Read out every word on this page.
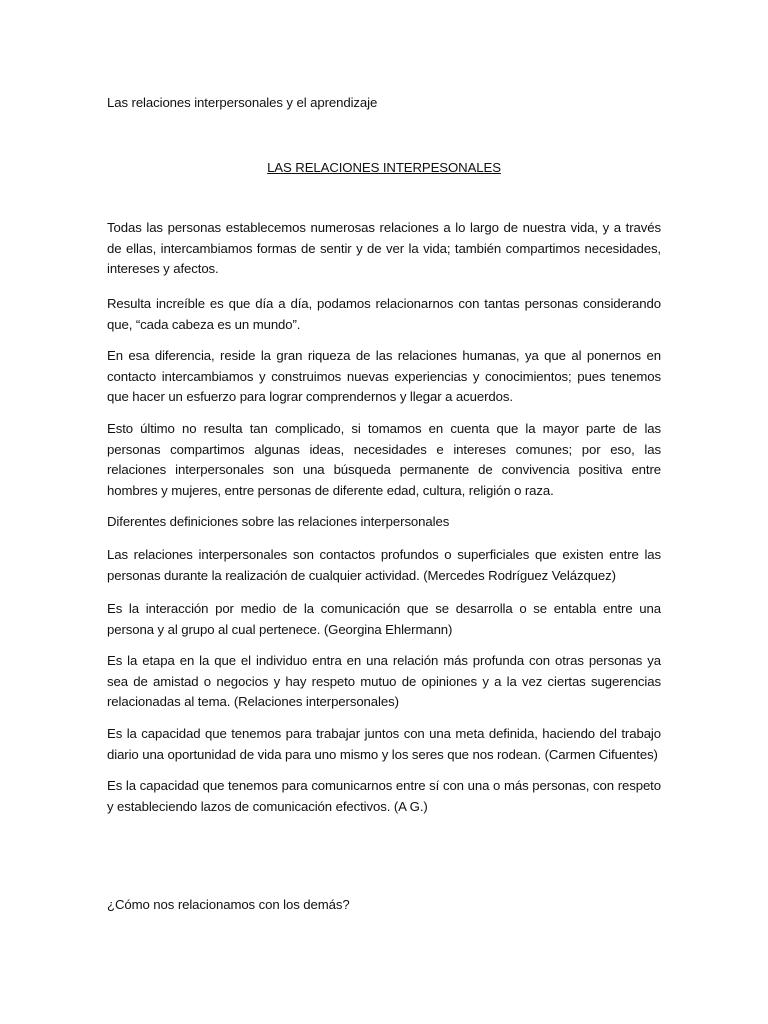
Las relaciones interpersonales y el aprendizaje

LAS RELACIONES INTERPESONALES

Todas las personas establecemos numerosas relaciones a lo largo de nuestra vida, y a través de ellas, intercambiamos formas de sentir y de ver la vida; también compartimos necesidades, intereses y afectos.

Resulta increíble es que día a día, podamos relacionarnos con tantas personas considerando que, “cada cabeza es un mundo”.

En esa diferencia, reside la gran riqueza de las relaciones humanas, ya que al ponernos en contacto intercambiamos y construimos nuevas experiencias y conocimientos; pues tenemos que hacer un esfuerzo para lograr comprendernos y llegar a acuerdos.

Esto último no resulta tan complicado, si tomamos en cuenta que la mayor parte de las personas compartimos algunas ideas, necesidades e intereses comunes; por eso, las relaciones interpersonales son una búsqueda permanente de convivencia positiva entre hombres y mujeres, entre personas de diferente edad, cultura, religión o raza.

Diferentes definiciones sobre las relaciones interpersonales

Las relaciones interpersonales son contactos profundos o superficiales que existen entre las personas durante la realización de cualquier actividad. (Mercedes Rodríguez Velázquez)

Es la interacción por medio de la comunicación que se desarrolla o se entabla entre una persona y al grupo al cual pertenece. (Georgina Ehlermann)

Es la etapa en la que el individuo entra en una relación más profunda con otras personas ya sea de amistad o negocios y hay respeto mutuo de opiniones y a la vez ciertas sugerencias relacionadas al tema. (Relaciones interpersonales)

Es la capacidad que tenemos para trabajar juntos con una meta definida, haciendo del trabajo diario una oportunidad de vida para uno mismo y los seres que nos rodean. (Carmen Cifuentes)

Es la capacidad que tenemos para comunicarnos entre sí con una o más personas, con respeto y estableciendo lazos de comunicación efectivos. (A G.)

¿Cómo nos relacionamos con los demás?
